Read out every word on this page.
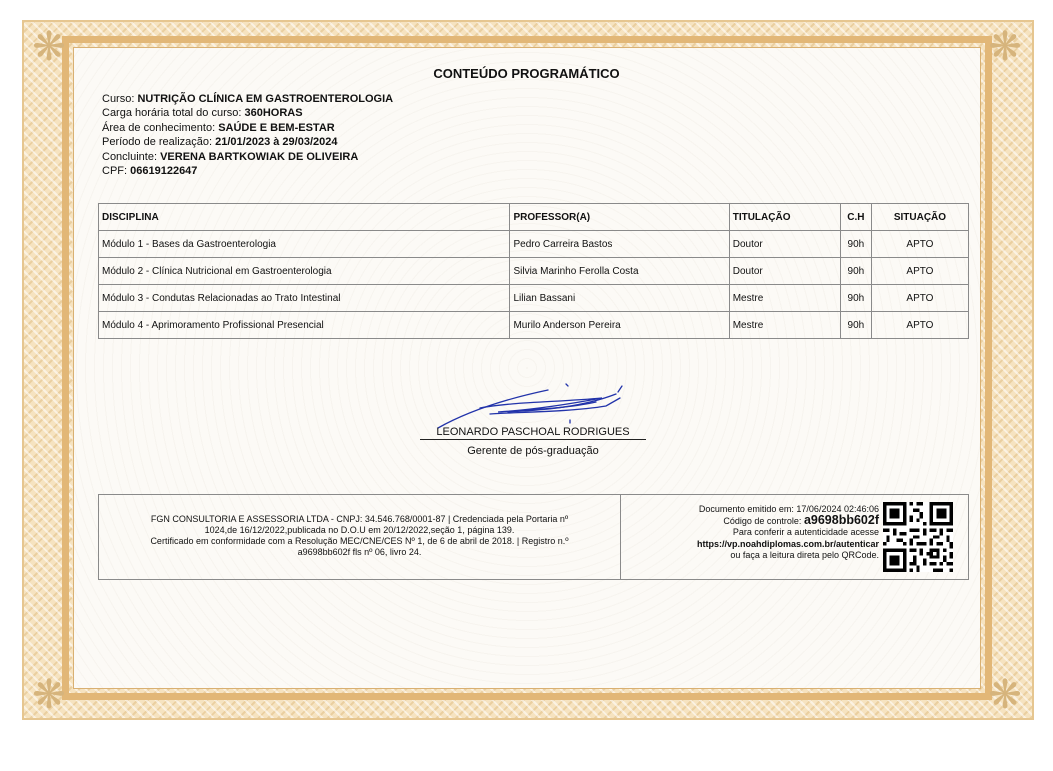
❋	❋
❋	❋
CONTEÚDO PROGRAMÁTICO
Curso: NUTRIÇÃO CLÍNICA EM GASTROENTEROLOGIA
Carga horária total do curso: 360HORAS
Área de conhecimento: SAÚDE E BEM-ESTAR
Período de realização: 21/01/2023 à 29/03/2024
Concluinte: VERENA BARTKOWIAK DE OLIVEIRA
CPF: 06619122647
DISCIPLINA	PROFESSOR(A)	TITULAÇÃO	C.H	SITUAÇÃO
Módulo 1 - Bases da Gastroenterologia	Pedro Carreira Bastos	Doutor	90h	APTO
Módulo 2 - Clínica Nutricional em Gastroenterologia	Silvia Marinho Ferolla Costa	Doutor	90h	APTO
Módulo 3 - Condutas Relacionadas ao Trato Intestinal	Lilian Bassani	Mestre	90h	APTO
Módulo 4 - Aprimoramento Profissional Presencial	Murilo Anderson Pereira	Mestre	90h	APTO
LEONARDO PASCHOAL RODRIGUES
Gerente de pós-graduação
FGN CONSULTORIA E ASSESSORIA LTDA - CNPJ: 34.546.768/0001-87 | Credenciada pela Portaria nº
1024,de 16/12/2022,publicada no D.O.U em 20/12/2022,seção 1, página 139.
Certificado em conformidade com a Resolução MEC/CNE/CES Nº 1, de 6 de abril de 2018. | Registro n.º
a9698bb602f fls nº 06, livro 24.
Documento emitido em: 17/06/2024 02:46:06
Código de controle: a9698bb602f
Para conferir a autenticidade acesse
https://vp.noahdiplomas.com.br/autenticar
ou faça a leitura direta pelo QRCode.
